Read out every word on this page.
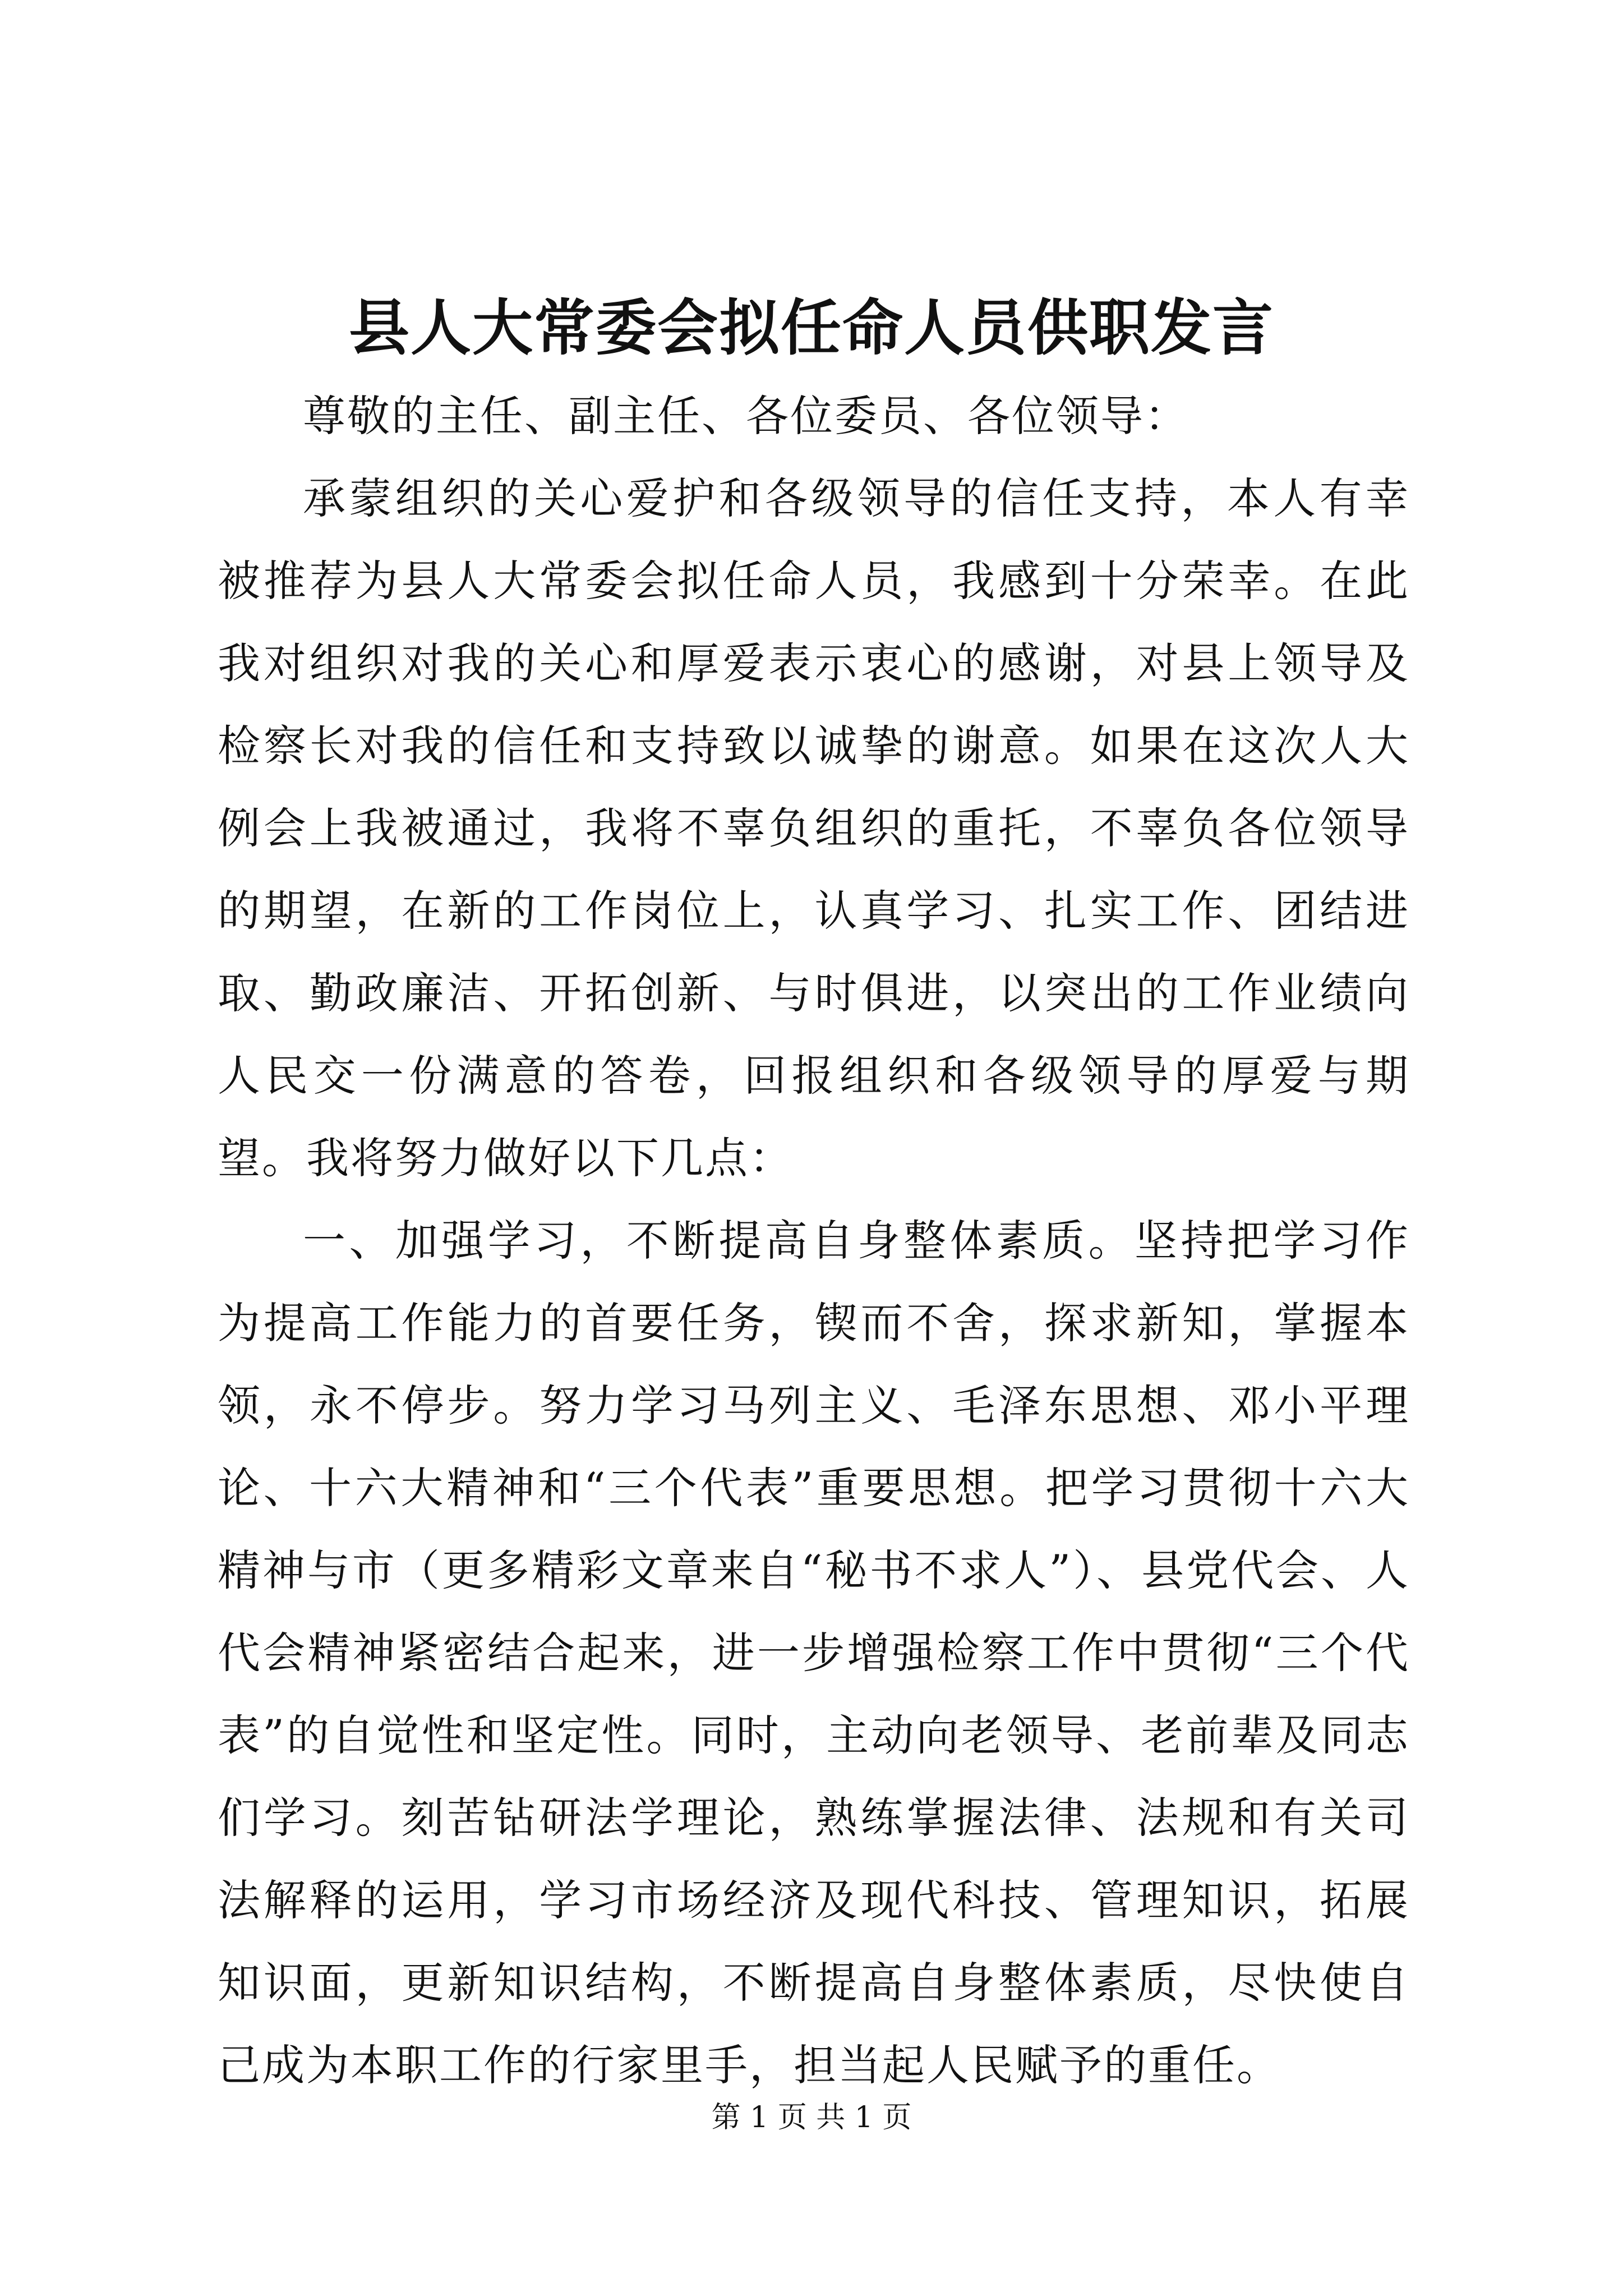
县人大常委会拟任命人员供职发言

尊敬的主任、副主任、各位委员、各位领导：

承蒙组织的关心爱护和各级领导的信任支持，本人有幸被推荐为县人大常委会拟任命人员，我感到十分荣幸。在此我对组织对我的关心和厚爱表示衷心的感谢，对县上领导及检察长对我的信任和支持致以诚挚的谢意。如果在这次人大例会上我被通过，我将不辜负组织的重托，不辜负各位领导的期望，在新的工作岗位上，认真学习、扎实工作、团结进取、勤政廉洁、开拓创新、与时俱进，以突出的工作业绩向人民交一份满意的答卷，回报组织和各级领导的厚爱与期望。我将努力做好以下几点：

一、加强学习，不断提高自身整体素质。坚持把学习作为提高工作能力的首要任务，锲而不舍，探求新知，掌握本领，永不停步。努力学习马列主义、毛泽东思想、邓小平理论、十六大精神和“三个代表”重要思想。把学习贯彻十六大精神与市（更多精彩文章来自“秘书不求人”）、县党代会、人代会精神紧密结合起来，进一步增强检察工作中贯彻“三个代表”的自觉性和坚定性。同时，主动向老领导、老前辈及同志们学习。刻苦钻研法学理论，熟练掌握法律、法规和有关司法解释的运用，学习市场经济及现代科技、管理知识，拓展知识面，更新知识结构，不断提高自身整体素质，尽快使自己成为本职工作的行家里手，担当起人民赋予的重任。

第 1 页 共 1 页
